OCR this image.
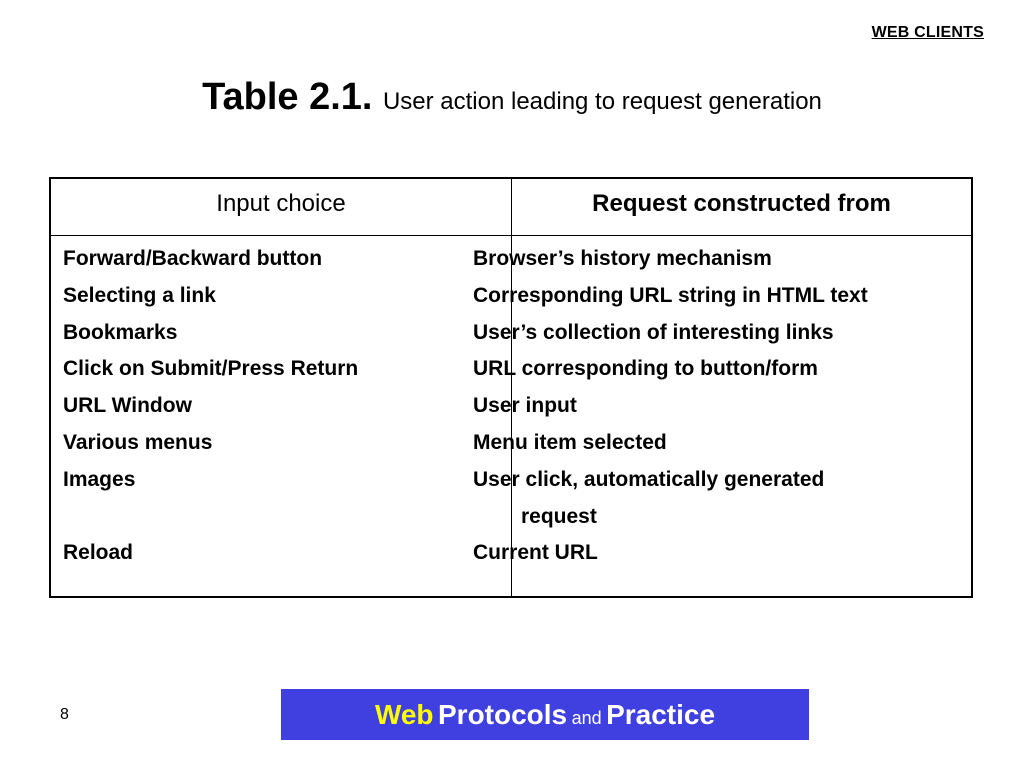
WEB CLIENTS
Table 2.1. User action leading to request generation
Input choice	Request constructed from
Forward/Backward button
Selecting a link
Bookmarks
Click on Submit/Press Return
URL Window
Various menus
Images

Reload
Browser’s history mechanism
Corresponding URL string in HTML text
User’s collection of interesting links
URL corresponding to button/form
User input
Menu item selected
User click, automatically generated
request
Current URL
8	Web Protocols and Practice
